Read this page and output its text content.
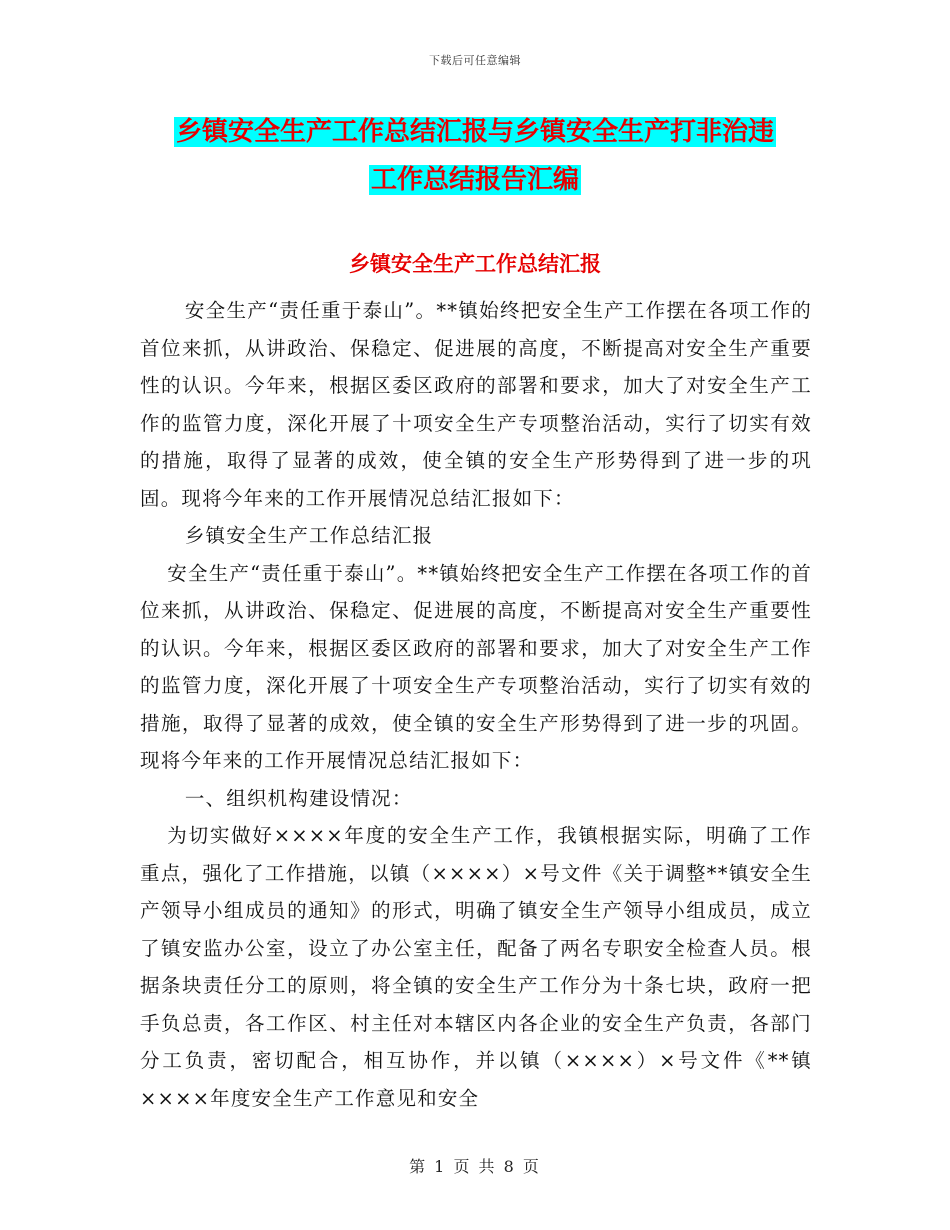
下载后可任意编辑
乡镇安全生产工作总结汇报与乡镇安全生产打非治违
工作总结报告汇编
乡镇安全生产工作总结汇报

安全生产“责任重于泰山”。**镇始终把安全生产工作摆在各项工作的首位来抓，从讲政治、保稳定、促进展的高度，不断提高对安全生产重要性的认识。今年来，根据区委区政府的部署和要求，加大了对安全生产工作的监管力度，深化开展了十项安全生产专项整治活动，实行了切实有效的措施，取得了显著的成效，使全镇的安全生产形势得到了进一步的巩固。现将今年来的工作开展情况总结汇报如下：

乡镇安全生产工作总结汇报

安全生产“责任重于泰山”。**镇始终把安全生产工作摆在各项工作的首位来抓，从讲政治、保稳定、促进展的高度，不断提高对安全生产重要性的认识。今年来，根据区委区政府的部署和要求，加大了对安全生产工作的监管力度，深化开展了十项安全生产专项整治活动，实行了切实有效的措施，取得了显著的成效，使全镇的安全生产形势得到了进一步的巩固。现将今年来的工作开展情况总结汇报如下：

一、组织机构建设情况：

为切实做好××××年度的安全生产工作，我镇根据实际，明确了工作重点，强化了工作措施，以镇（××××）×号文件《关于调整**镇安全生产领导小组成员的通知》的形式，明确了镇安全生产领导小组成员，成立了镇安监办公室，设立了办公室主任，配备了两名专职安全检查人员。根据条块责任分工的原则，将全镇的安全生产工作分为十条七块，政府一把手负总责，各工作区、村主任对本辖区内各企业的安全生产负责，各部门分工负责，密切配合，相互协作，并以镇（××××）×号文件《**镇××××年度安全生产工作意见和安全

第 1 页 共 8 页
